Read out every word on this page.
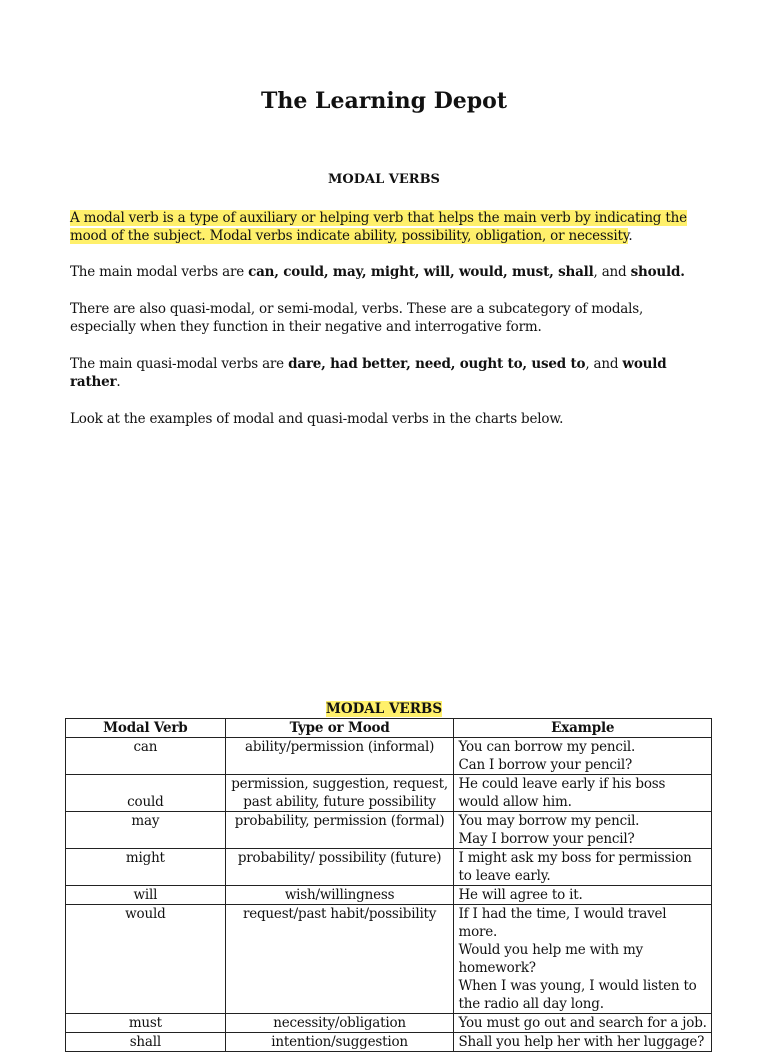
The Learning Depot
MODAL VERBS
A modal verb is a type of auxiliary or helping verb that helps the main verb by indicating the mood of the subject. Modal verbs indicate ability, possibility, obligation, or necessity.
The main modal verbs are can, could, may, might, will, would, must, shall, and should.
There are also quasi-modal, or semi-modal, verbs. These are a subcategory of modals, especially when they function in their negative and interrogative form.
The main quasi-modal verbs are dare, had better, need, ought to, used to, and would rather.
Look at the examples of modal and quasi-modal verbs in the charts below.
MODAL VERBS
Modal Verb	Type or Mood	Example
can	ability/permission (informal)	You can borrow my pencil.
Can I borrow your pencil?

could	permission, suggestion, request, past ability, future possibility	He could leave early if his boss would allow him.

may	probability, permission (formal)	You may borrow my pencil.
May I borrow your pencil?

might	probability/ possibility (future)	I might ask my boss for permission to leave early.

will	wish/willingness	He will agree to it.

would	request/past habit/possibility	If I had the time, I would travel more.
Would you help me with my homework?
When I was young, I would listen to the radio all day long.

must	necessity/obligation	You must go out and search for a job.

shall	intention/suggestion	Shall you help her with her luggage?
